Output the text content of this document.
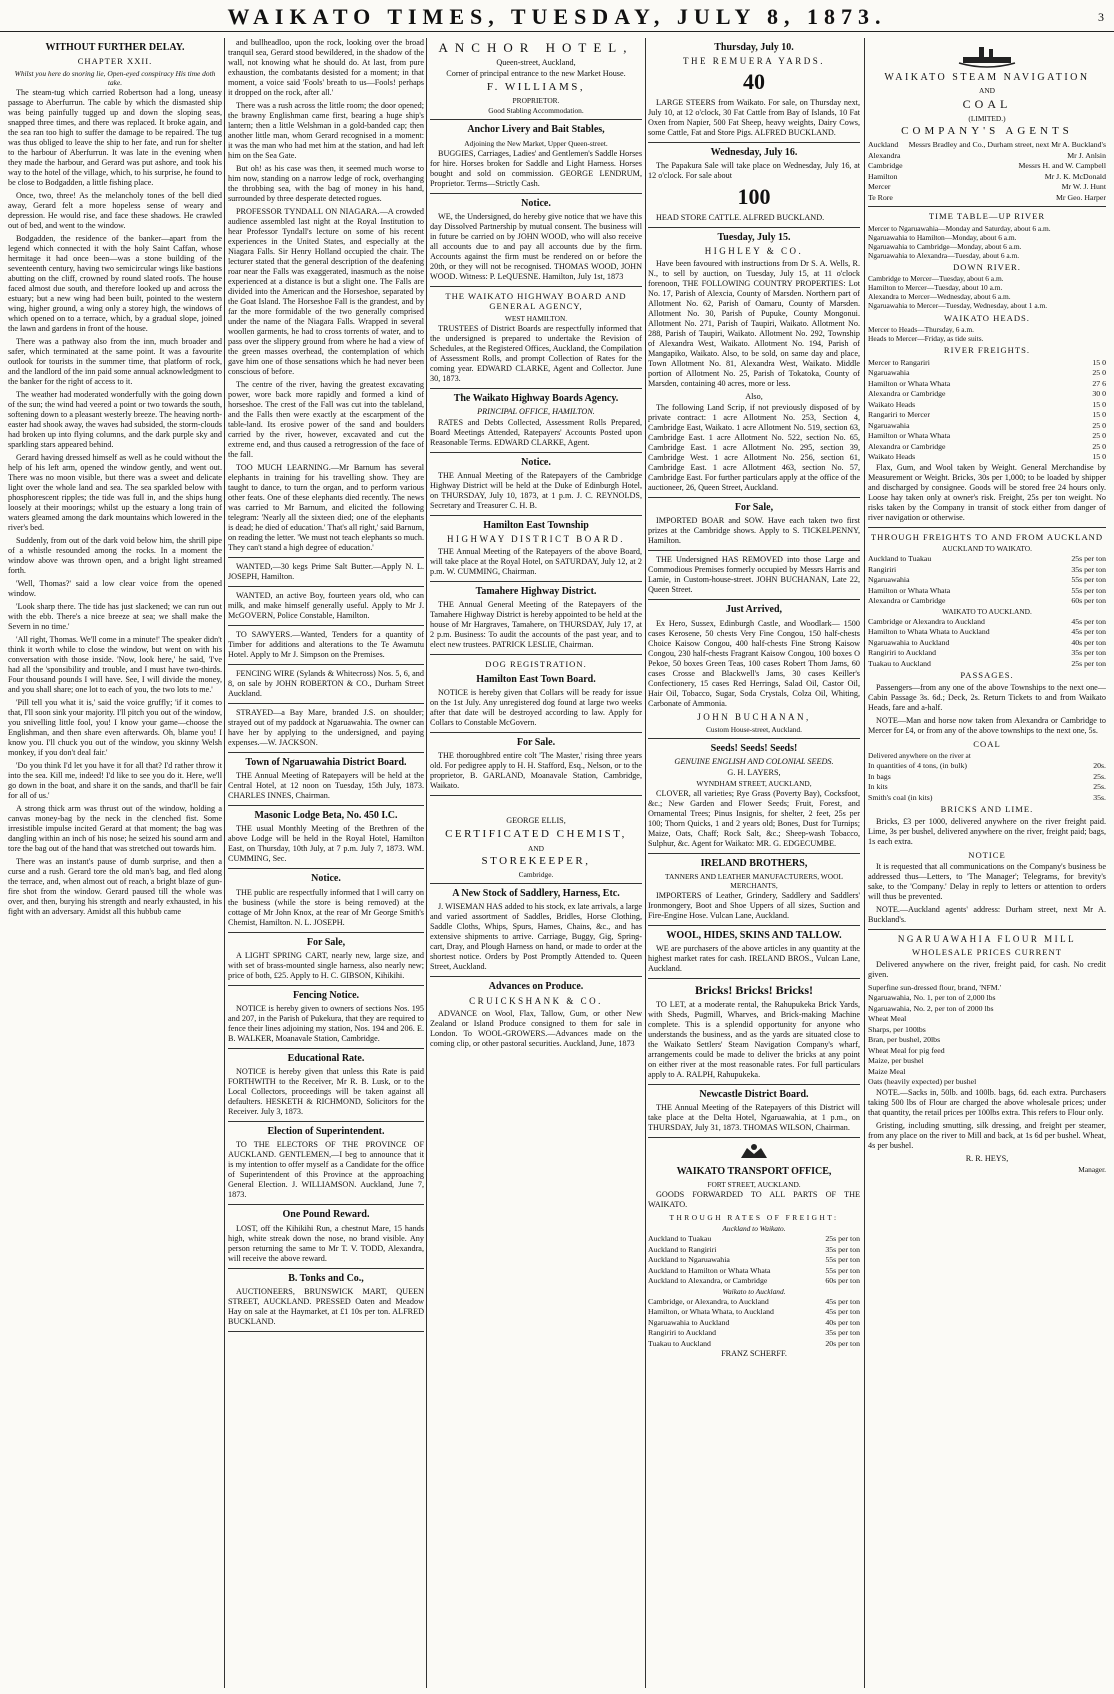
WAIKATO TIMES, TUESDAY, JULY 8, 1873.	3
WITHOUT FURTHER DELAY.
CHAPTER XXII.
Whilst you here do snoring lie, Open-eyed conspiracy His time doth take.

The steam-tug which carried Robertson had a long, uneasy passage to Aberfurrun. The cable by which the dismasted ship was being painfully tugged up and down the sloping seas, snapped three times, and there was replaced. It broke again, and the sea ran too high to suffer the damage to be repaired. The tug was thus obliged to leave the ship to her fate, and run for shelter to the harbour of Aberfurrun. It was late in the evening when they made the harbour, and Gerard was put ashore, and took his way to the hotel of the village, which, to his surprise, he found to be close to Bodgadden, a little fishing place.

Once, two, three! As the melancholy tones of the bell died away, Gerard felt a more hopeless sense of weary and depression. He would rise, and face these shadows. He crawled out of bed, and went to the window.

Bodgadden, the residence of the banker—apart from the legend which connected it with the holy Saint Caffan, whose hermitage it had once been—was a stone building of the seventeenth century, having two semicircular wings like bastions abutting on the cliff, crowned by round slated roofs. The house faced almost due south, and therefore looked up and across the estuary; but a new wing had been built, pointed to the western wing, higher ground, a wing only a storey high, the windows of which opened on to a terrace, which, by a gradual slope, joined the lawn and gardens in front of the house.

There was a pathway also from the inn, much broader and safer, which terminated at the same point. It was a favourite outlook for tourists in the summer time, that platform of rock, and the landlord of the inn paid some annual acknowledgment to the banker for the right of access to it.

The weather had moderated wonderfully with the going down of the sun; the wind had veered a point or two towards the south, softening down to a pleasant westerly breeze. The heaving north-easter had shook away, the waves had subsided, the storm-clouds had broken up into flying columns, and the dark purple sky and sparkling stars appeared behind.

Gerard having dressed himself as well as he could without the help of his left arm, opened the window gently, and went out. There was no moon visible, but there was a sweet and delicate light over the whole land and sea. The sea sparkled below with phosphorescent ripples; the tide was full in, and the ships hung loosely at their moorings; whilst up the estuary a long train of waters gleamed among the dark mountains which lowered in the river's bed.

Suddenly, from out of the dark void below him, the shrill pipe of a whistle resounded among the rocks. In a moment the window above was thrown open, and a bright light streamed forth.

'Well, Thomas?' said a low clear voice from the opened window.

'Look sharp there. The tide has just slackened; we can run out with the ebb. There's a nice breeze at sea; we shall make the Severn in no time.'

'All right, Thomas. We'll come in a minute!' The speaker didn't think it worth while to close the window, but went on with his conversation with those inside. 'Now, look here,' he said, 'I've had all the 'sponsibility and trouble, and I must have two-thirds. Four thousand pounds I will have. See, I will divide the money, and you shall share; one lot to each of you, the two lots to me.'

'Pill tell you what it is,' said the voice gruffly; 'if it comes to that, I'll soon sink your majority. I'll pitch you out of the window, you snivelling little fool, you! I know your game—choose the Englishman, and then share even afterwards. Oh, blame you! I know you. I'll chuck you out of the window, you skinny Welsh monkey, if you don't deal fair.'

'Do you think I'd let you have it for all that? I'd rather throw it into the sea. Kill me, indeed! I'd like to see you do it. Here, we'll go down in the boat, and share it on the sands, and that'll be fair for all of us.'

A strong thick arm was thrust out of the window, holding a canvas money-bag by the neck in the clenched fist. Some irresistible impulse incited Gerard at that moment; the bag was dangling within an inch of his nose; he seized his sound arm and tore the bag out of the hand that was stretched out towards him.

There was an instant's pause of dumb surprise, and then a curse and a rush. Gerard tore the old man's bag, and fled along the terrace, and, when almost out of reach, a bright blaze of gun-fire shot from the window. Gerard paused till the whole was over, and then, burying his strength and nearly exhausted, in his fight with an adversary. Amidst all this hubbub came

and bullheadloo, upon the rock, looking over the broad tranquil sea, Gerard stood bewildered, in the shadow of the wall, not knowing what he should do. At last, from pure exhaustion, the combatants desisted for a moment; in that moment, a voice said 'Fools' breath to us—Fools! perhaps it dropped on the rock, after all.'

There was a rush across the little room; the door opened; the brawny Englishman came first, bearing a huge ship's lantern; then a little Welshman in a gold-banded cap; then another little man, whom Gerard recognised in a moment: it was the man who had met him at the station, and had left him on the Sea Gate.

But oh! as his case was then, it seemed much worse to him now, standing on a narrow ledge of rock, overhanging the throbbing sea, with the bag of money in his hand, surrounded by three desperate detected rogues.

PROFESSOR TYNDALL ON NIAGARA.—A crowded audience assembled last night at the Royal Institution to hear Professor Tyndall's lecture on some of his recent experiences in the United States, and especially at the Niagara Falls. Sir Henry Holland occupied the chair. The lecturer stated that the general description of the deafening roar near the Falls was exaggerated, inasmuch as the noise experienced at a distance is but a slight one. The Falls are divided into the American and the Horseshoe, separated by the Goat Island. The Horseshoe Fall is the grandest, and by far the more formidable of the two generally comprised under the name of the Niagara Falls. Wrapped in several woollen garments, he had to cross torrents of water, and to pass over the slippery ground from where he had a view of the green masses overhead, the contemplation of which gave him one of those sensations which he had never been conscious of before.

The centre of the river, having the greatest excavating power, wore back more rapidly and formed a kind of horseshoe. The crest of the Fall was cut into the tableland, and the Falls then were exactly at the escarpment of the table-land. Its erosive power of the sand and boulders carried by the river, however, excavated and cut the extreme end, and thus caused a retrogression of the face of the fall.

TOO MUCH LEARNING.—Mr Barnum has several elephants in training for his travelling show. They are taught to dance, to turn the organ, and to perform various other feats. One of these elephants died recently. The news was carried to Mr Barnum, and elicited the following telegram: 'Nearly all the sixteen died; one of the elephants is dead; he died of education.' That's all right,' said Barnum, on reading the letter. 'We must not teach elephants so much. They can't stand a high degree of education.'

WANTED,—30 kegs Prime Salt Butter.—Apply N. L. JOSEPH, Hamilton.

WANTED, an active Boy, fourteen years old, who can milk, and make himself generally useful. Apply to Mr J. McGOVERN, Police Constable, Hamilton.

TO SAWYERS.—Wanted, Tenders for a quantity of Timber for additions and alterations to the Te Awamutu Hotel. Apply to Mr J. Simpson on the Premises.

FENCING WIRE (Sylands & Whitecross) Nos. 5, 6, and 8, on sale by JOHN ROBERTON & CO., Durham Street Auckland.

STRAYED—a Bay Mare, branded J.S. on shoulder; strayed out of my paddock at Ngaruawahia. The owner can have her by applying to the undersigned, and paying expenses.—W. JACKSON.

Town of Ngaruawahia District Board.

THE Annual Meeting of Ratepayers will be held at the Central Hotel, at 12 noon on Tuesday, 15th July, 1873. CHARLES INNES, Chairman.

Masonic Lodge Beta, No. 450 I.C.

THE usual Monthly Meeting of the Brethren of the above Lodge will be held in the Royal Hotel, Hamilton East, on Thursday, 10th July, at 7 p.m. July 7, 1873. WM. CUMMING, Sec.

Notice.

THE public are respectfully informed that I will carry on the business (while the store is being removed) at the cottage of Mr John Knox, at the rear of Mr George Smith's Chemist, Hamilton. N. L. JOSEPH.

For Sale,

A LIGHT SPRING CART, nearly new, large size, and with set of brass-mounted single harness, also nearly new; price of both, £25. Apply to H. C. GIBSON, Kihikihi.

Fencing Notice.

NOTICE is hereby given to owners of sections Nos. 195 and 207, in the Parish of Pukekura, that they are required to fence their lines adjoining my station, Nos. 194 and 206. E. B. WALKER, Moanavale Station, Cambridge.

Educational Rate.

NOTICE is hereby given that unless this Rate is paid FORTHWITH to the Receiver, Mr R. B. Lusk, or to the Local Collectors, proceedings will be taken against all defaulters. HESKETH & RICHMOND, Solicitors for the Receiver. July 3, 1873.

Election of Superintendent.

TO THE ELECTORS OF THE PROVINCE OF AUCKLAND. GENTLEMEN,—I beg to announce that it is my intention to offer myself as a Candidate for the office of Superintendent of this Province at the approaching General Election. J. WILLIAMSON. Auckland, June 7, 1873.

One Pound Reward.

LOST, off the Kihikihi Run, a chestnut Mare, 15 hands high, white streak down the nose, no brand visible. Any person returning the same to Mr T. V. TODD, Alexandra, will receive the above reward.

B. Tonks and Co.,

AUCTIONEERS, BRUNSWICK MART, QUEEN STREET, AUCKLAND. PRESSED Oaten and Meadow Hay on sale at the Haymarket, at £1 10s per ton. ALFRED BUCKLAND.

ANCHOR HOTEL,
Queen-street, Auckland,
Corner of principal entrance to the new Market House.
F. WILLIAMS,
PROPRIETOR.
Good Stabling Accommodation.
Anchor Livery and Bait Stables,
Adjoining the New Market, Upper Queen-street.

BUGGIES, Carriages, Ladies' and Gentlemen's Saddle Horses for hire. Horses broken for Saddle and Light Harness. Horses bought and sold on commission. GEORGE LENDRUM, Proprietor. Terms—Strictly Cash.

Notice.

WE, the Undersigned, do hereby give notice that we have this day Dissolved Partnership by mutual consent. The business will in future be carried on by JOHN WOOD, who will also receive all accounts due to and pay all accounts due by the firm. Accounts against the firm must be rendered on or before the 20th, or they will not be recognised. THOMAS WOOD, JOHN WOOD. Witness: P. LeQUESNE. Hamilton, July 1st, 1873

THE WAIKATO HIGHWAY BOARD AND GENERAL AGENCY,
WEST HAMILTON.

TRUSTEES of District Boards are respectfully informed that the undersigned is prepared to undertake the Revision of Schedules, at the Registered Offices, Auckland, the Compilation of Assessment Rolls, and prompt Collection of Rates for the coming year. EDWARD CLARKE, Agent and Collector. June 30, 1873.

The Waikato Highway Boards Agency.
PRINCIPAL OFFICE, HAMILTON.

RATES and Debts Collected, Assessment Rolls Prepared, Board Meetings Attended, Ratepayers' Accounts Posted upon Reasonable Terms. EDWARD CLARKE, Agent.

Notice.

THE Annual Meeting of the Ratepayers of the Cambridge Highway District will be held at the Duke of Edinburgh Hotel, on THURSDAY, July 10, 1873, at 1 p.m. J. C. REYNOLDS, Secretary and Treasurer C. H. B.

Hamilton East Township
HIGHWAY DISTRICT BOARD.

THE Annual Meeting of the Ratepayers of the above Board, will take place at the Royal Hotel, on SATURDAY, July 12, at 2 p.m. W. CUMMING, Chairman.

Tamahere Highway District.

THE Annual General Meeting of the Ratepayers of the Tamahere Highway District is hereby appointed to be held at the house of Mr Hargraves, Tamahere, on THURSDAY, July 17, at 2 p.m. Business: To audit the accounts of the past year, and to elect new trustees. PATRICK LESLIE, Chairman.

DOG REGISTRATION.
Hamilton East Town Board.

NOTICE is hereby given that Collars will be ready for issue on the 1st July. Any unregistered dog found at large two weeks after that date will be destroyed according to law. Apply for Collars to Constable McGovern.

For Sale.

THE thoroughbred entire colt 'The Master,' rising three years old. For pedigree apply to H. H. Stafford, Esq., Nelson, or to the proprietor, B. GARLAND, Moanavale Station, Cambridge, Waikato.

GEORGE ELLIS,
CERTIFICATED CHEMIST,
AND
STOREKEEPER,
Cambridge.
A New Stock of Saddlery, Harness, Etc.

J. WISEMAN HAS added to his stock, ex late arrivals, a large and varied assortment of Saddles, Bridles, Horse Clothing, Saddle Cloths, Whips, Spurs, Hames, Chains, &c., and has extensive shipments to arrive. Carriage, Buggy, Gig, Spring-cart, Dray, and Plough Harness on hand, or made to order at the shortest notice. Orders by Post Promptly Attended to. Queen Street, Auckland.

Advances on Produce.
CRUICKSHANK & CO.

ADVANCE on Wool, Flax, Tallow, Gum, or other New Zealand or Island Produce consigned to them for sale in London. To WOOL-GROWERS.—Advances made on the coming clip, or other pastoral securities. Auckland, June, 1873

Thursday, July 10.
THE REMUERA YARDS.
40

LARGE STEERS from Waikato. For sale, on Thursday next, July 10, at 12 o'clock, 30 Fat Cattle from Bay of Islands, 10 Fat Oxen from Napier, 500 Fat Sheep, heavy weights, Dairy Cows, some Cattle, Fat and Store Pigs. ALFRED BUCKLAND.

Wednesday, July 16.

The Papakura Sale will take place on Wednesday, July 16, at 12 o'clock. For sale about

100

HEAD STORE CATTLE. ALFRED BUCKLAND.

Tuesday, July 15.
HIGHLEY & CO.

Have been favoured with instructions from Dr S. A. Wells, R. N., to sell by auction, on Tuesday, July 15, at 11 o'clock forenoon, THE FOLLOWING COUNTRY PROPERTIES: Lot No. 17, Parish of Alexcia, County of Marsden. Northern part of Allotment No. 62, Parish of Oamaru, County of Marsden. Allotment No. 30, Parish of Pupuke, County Mongonui. Allotment No. 271, Parish of Taupiri, Waikato. Allotment No. 288, Parish of Taupiri, Waikato. Allotment No. 292, Township of Alexandra West, Waikato. Allotment No. 194, Parish of Mangapiko, Waikato. Also, to be sold, on same day and place, Town Allotment No. 81, Alexandra West, Waikato. Middle portion of Allotment No. 25, Parish of Tokatoka, County of Marsden, containing 40 acres, more or less.

Also,

The following Land Scrip, if not previously disposed of by private contract: 1 acre Allotment No. 253, Section 4, Cambridge East, Waikato. 1 acre Allotment No. 519, section 63, Cambridge East. 1 acre Allotment No. 522, section No. 65, Cambridge East. 1 acre Allotment No. 295, section 39, Cambridge West. 1 acre Allotment No. 256, section 61, Cambridge East. 1 acre Allotment 463, section No. 57, Cambridge East. For further particulars apply at the office of the auctioneer, 26, Queen Street, Auckland.

For Sale,

IMPORTED BOAR and SOW. Have each taken two first prizes at the Cambridge shows. Apply to S. TICKELPENNY, Hamilton.

THE Undersigned HAS REMOVED into those Large and Commodious Premises formerly occupied by Messrs Harris and Lamie, in Custom-house-street. JOHN BUCHANAN, Late 22, Queen Street.

Just Arrived,

Ex Hero, Sussex, Edinburgh Castle, and Woodlark— 1500 cases Kerosene, 50 chests Very Fine Congou, 150 half-chests Choice Kaisow Congou, 400 half-chests Fine Strong Kaisow Congou, 230 half-chests Fragrant Kaisow Congou, 100 boxes O Pekoe, 50 boxes Green Teas, 100 cases Robert Thom Jams, 60 cases Crosse and Blackwell's Jams, 30 cases Keiller's Confectionery, 15 cases Red Herrings, Salad Oil, Castor Oil, Hair Oil, Tobacco, Sugar, Soda Crystals, Colza Oil, Whiting, Carbonate of Ammonia.

JOHN BUCHANAN,
Custom House-street, Auckland.
Seeds! Seeds! Seeds!
GENUINE ENGLISH AND COLONIAL SEEDS.
G. H. LAYERS,
WYNDHAM STREET, AUCKLAND,

CLOVER, all varieties; Rye Grass (Poverty Bay), Cocksfoot, &c.; New Garden and Flower Seeds; Fruit, Forest, and Ornamental Trees; Pinus Insignis, for shelter, 2 feet, 25s per 100; Thorn Quicks, 1 and 2 years old; Bones, Dust for Turnips; Maize, Oats, Chaff; Rock Salt, &c.; Sheep-wash Tobacco, Sulphur, &c. Agent for Waikato: MR. G. EDGECUMBE.

IRELAND BROTHERS,
TANNERS AND LEATHER MANUFACTURERS, WOOL MERCHANTS,

IMPORTERS of Leather, Grindery, Saddlery and Saddlers' Ironmongery, Boot and Shoe Uppers of all sizes, Suction and Fire-Engine Hose. Vulcan Lane, Auckland.

WOOL, HIDES, SKINS AND TALLOW.

WE are purchasers of the above articles in any quantity at the highest market rates for cash. IRELAND BROS., Vulcan Lane, Auckland.

Bricks! Bricks! Bricks!

TO LET, at a moderate rental, the Rahupukeka Brick Yards, with Sheds, Pugmill, Wharves, and Brick-making Machine complete. This is a splendid opportunity for anyone who understands the business, and as the yards are situated close to the Waikato Settlers' Steam Navigation Company's wharf, arrangements could be made to deliver the bricks at any point on either river at the most reasonable rates. For full particulars apply to A. RALPH, Rahupukeka.

Newcastle District Board.

THE Annual Meeting of the Ratepayers of this District will take place at the Delta Hotel, Ngaruawahia, at 1 p.m., on THURSDAY, July 31, 1873. THOMAS WILSON, Chairman.

WAIKATO TRANSPORT OFFICE,
FORT STREET, AUCKLAND.

GOODS FORWARDED TO ALL PARTS OF THE WAIKATO.

THROUGH RATES OF FREIGHT:
Auckland to Waikato.
Auckland to Tuakau	25s per ton
Auckland to Rangiriri	35s per ton
Auckland to Ngaruawahia	55s per ton
Auckland to Hamilton or Whata Whata	55s per ton
Auckland to Alexandra, or Cambridge	60s per ton
Waikato to Auckland.
Cambridge, or Alexandra, to Auckland	45s per ton
Hamilton, or Whata Whata, to Auckland	45s per ton
Ngaruawahia to Auckland	40s per ton
Rangiriri to Auckland	35s per ton
Tuakau to Auckland	20s per ton
FRANZ SCHERFF.
WAIKATO STEAM NAVIGATION
AND
COAL
(LIMITED.)
COMPANY'S AGENTS
Auckland Messrs Bradley and Co., Durham street, next Mr A. Buckland's
Alexandra	Mr J. Anlsin
Cambridge	Messrs H. and W. Campbell
Hamilton	Mr J. K. McDonald
Mercer	Mr W. J. Hunt
Te Rore	Mr Geo. Harper
TIME TABLE—UP RIVER
Mercer to Ngaruawahia—Monday and Saturday, about 6 a.m.
Ngaruawahia to Hamilton—Monday, about 6 a.m.
Ngaruawahia to Cambridge—Monday, about 6 a.m.
Ngaruawahia to Alexandra—Tuesday, about 6 a.m.
DOWN RIVER.
Cambridge to Mercer—Tuesday, about 6 a.m.
Hamilton to Mercer—Tuesday, about 10 a.m.
Alexandra to Mercer—Wednesday, about 6 a.m.
Ngaruawahia to Mercer—Tuesday, Wednesday, about 1 a.m.
WAIKATO HEADS.
Mercer to Heads—Thursday, 6 a.m.
Heads to Mercer—Friday, as tide suits.
RIVER FREIGHTS.
Mercer to Rangariri	15 0
Ngaruawahia	25 0
Hamilton or Whata Whata	27 6
Alexandra or Cambridge	30 0
Waikato Heads	15 0
Rangariri to Mercer	15 0
Ngaruawahia	25 0
Hamilton or Whata Whata	25 0
Alexandra or Cambridge	25 0
Waikato Heads	15 0

Flax, Gum, and Wool taken by Weight. General Merchandise by Measurement or Weight. Bricks, 30s per 1,000; to be loaded by shipper and discharged by consignee. Goods will be stored free 24 hours only. Loose hay taken only at owner's risk. Freight, 25s per ton weight. No risks taken by the Company in transit of stock either from danger of river navigation or otherwise.

THROUGH FREIGHTS TO AND FROM AUCKLAND
AUCKLAND TO WAIKATO.
Auckland to Tuakau	25s per ton
Rangiriri	35s per ton
Ngaruawahia	55s per ton
Hamilton or Whata Whata	55s per ton
Alexandra or Cambridge	60s per ton
WAIKATO TO AUCKLAND.
Cambridge or Alexandra to Auckland	45s per ton
Hamilton to Whata Whata to Auckland	45s per ton
Ngaruawahia to Auckland	40s per ton
Rangiriri to Auckland	35s per ton
Tuakau to Auckland	25s per ton
PASSAGES.

Passengers—from any one of the above Townships to the next one—Cabin Passage 3s. 6d.; Deck, 2s. Return Tickets to and from Waikato Heads, fare and a-half.

NOTE—Man and horse now taken from Alexandra or Cambridge to Mercer for £4, or from any of the above townships to the next one, 5s.

COAL
Delivered anywhere on the river at
In quantities of 4 tons, (in bulk)	20s.
In bags	25s.
In kits	25s.
Smith's coal (in kits)	35s.
BRICKS AND LIME.

Bricks, £3 per 1000, delivered anywhere on the river freight paid. Lime, 3s per bushel, delivered anywhere on the river, freight paid; bags, 1s each extra.

NOTICE

It is requested that all communications on the Company's business be addressed thus—Letters, to 'The Manager'; Telegrams, for brevity's sake, to the 'Company.' Delay in reply to letters or attention to orders will thus be prevented.

NOTE.—Auckland agents' address: Durham street, next Mr A. Buckland's.

NGARUAWAHIA FLOUR MILL
WHOLESALE PRICES CURRENT

Delivered anywhere on the river, freight paid, for cash. No credit given.

Superfine sun-dressed flour, brand, 'NFM.'
Ngaruawahia, No. 1, per ton of 2,000 lbs
Ngaruawahia, No. 2, per ton of 2000 lbs
Wheat Meal
Sharps, per 100lbs
Bran, per bushel, 20lbs
Wheat Meal for pig feed
Maize, per bushel
Maize Meal
Oats (heavily expected) per bushel

NOTE.—Sacks in, 50lb. and 100lb. bags, 6d. each extra. Purchasers taking 500 lbs of Flour are charged the above wholesale prices; under that quantity, the retail prices per 100lbs extra. This refers to Flour only.

Gristing, including smutting, silk dressing, and freight per steamer, from any place on the river to Mill and back, at 1s 6d per bushel. Wheat, 4s per bushel.

R. R. HEYS,
Manager.
